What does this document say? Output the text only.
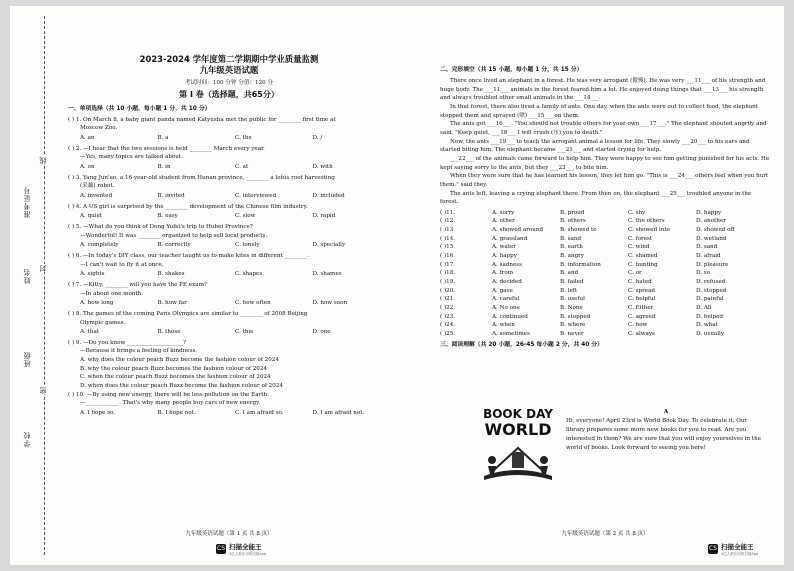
准考证号
姓名
班级
学校
线
封
密
2023-2024 学年度第二学期期中学业质量监测
九年级英语试题
考试时间：100 分钟 分值：120 分
第 Ⅰ 卷（选择题，共65分）
一、单项选择（共 10 小题，每小题 1 分，共 10 分）
( ) 1. On March 8, a baby giant panda named Katyusha met the public for ________ first time at
Moscow Zoo.
A. an	B. a	C. the	D. /
( ) 2. —I hear that the two sessions is held ________ March every year.
—Yes, many topics are talked about.
A. on	B. in	C. at	D. with
( ) 3. Yang Jun'ao, a 16-year-old student from Hunan province, ________ a lotus root harvesting
(采藕) robot.
A. invented	B. invited	C. interviewed	D. included
( ) 4. A US girl is surprised by the ________ development of the Chinese film industry.
A. quiet	B. easy	C. slow	D. rapid
( ) 5. —What do you think of Dong Yufei's trip to Hubei Province?
—Wonderful! It was ________ organized to help sell local products.
A. completely	B. correctly	C. lonely	D. specially
( ) 6. —In today's DIY class, our teacher taught us to make kites in different ________.
—I can't wait to fly it at once.
A. sights	B. shakes	C. shapes	D. shames
( ) 7. —Kitty, ________ will you have the PE exam?
—In about one month.
A. how long	B. how far	C. how often	D. how soon
( ) 8. The games of the coming Paris Olympics are similar to ________ of 2008 Beijing
Olympic games.
A. that	B. those	C. this	D. one
( ) 9. —Do you know ____________________?
—Because it brings a feeling of kindness.
A. why does the colour peach Buzz become the fashion colour of 2024
B. why the colour peach Buzz becomes the fashion colour of 2024
C. when the colour peach Buzz becomes the fashion colour of 2024
D. when does the colour peach Buzz become the fashion colour of 2024
( ) 10. —By using new energy, there will be less pollution on the Earth.
—____________. That's why many people buy cars of new energy.
A. I hope so.	B. I hope not.	C. I am afraid so.	D. I am afraid not.
九年级英语试题（第 1 页 共 8 页）
CS 扫描全能王
3亿人都在用的扫描App
二、完形填空（共 15 小题，每小题 1 分，共 15 分）

There once lived an elephant in a forest. He was very arrogant (傲慢). He was very ___11___ of his strength and huge body. The ___11___ animals in the forest feared him a lot. He enjoyed doing things that ___13___ his strength and always troubled other small animals in the ___14___.

In that forest, there also lived a family of ants. One day, when the ants were out to collect food, the elephant stopped them and sprayed (喷) ___15___ on them.

The ants got ___16___. "You should not trouble others for your own ___17___." The elephant shouted angrily and said, "Keep quiet, ___18___ I will crush (压) you to death."

Now, the ants ___19___ to teach the arrogant animal a lesson for life. They slowly ___20___ to his ears and started biting him. The elephant became ___21___ and started crying for help.

___22___ of the animals came forward to help him. They were happy to see him getting punished for his acts. He kept saying sorry to the ants, but they ___23___ to bite him.

When they were sure that he has learned his lesson, they let him go. "This is ___24___ others feel when you hurt them." said they.

The ants left, leaving a crying elephant there. From then on, the elephant ___25___ troubled anyone in the forest.

( )11.	A. sorry	B. proud	C. shy	D. happy
( )12.	A. other	B. others	C. the others	D. another
( )13.	A. showed around	B. showed to	C. showed into	D. showed off
( )14.	A. grassland	B. sand	C. forest	D. wetland
( )15.	A. water	B. earth	C. wind	D. sand
( )16.	A. happy	B. angry	C. shamed	D. afraid
( )17.	A. sadness	B. information	C. hunting	D. pleasure
( )18.	A. from	B. and	C. or	D. so
( )19.	A. decided	B. failed	C. hated	D. refused
( )20.	A. gave	B. left	C. spread	D. stopped
( )21.	A. careful	B. useful	C. helpful	D. painful
( )22.	A. No one	B. None	C. Either	D. All
( )23.	A. continued	B. stopped	C. agreed	D. helped
( )24.	A. when	B. where	C. how	D. what
( )25.	A. sometimes	B. never	C. always	D. usually
三、阅读理解（共 20 小题，26-45 每小题 2 分，共 40 分）
BOOK DAY
WORLD
A
Hi, everyone! April 23rd is World Book Day. To celebrate it, Our library prepares some more new books for you to read. Are you interested in them? We are sure that you will enjoy yourselves in the world of books. Look forward to seeing you here!
九年级英语试题（第 2 页 共 8 页）
CS 扫描全能王
3亿人都在用的扫描App
